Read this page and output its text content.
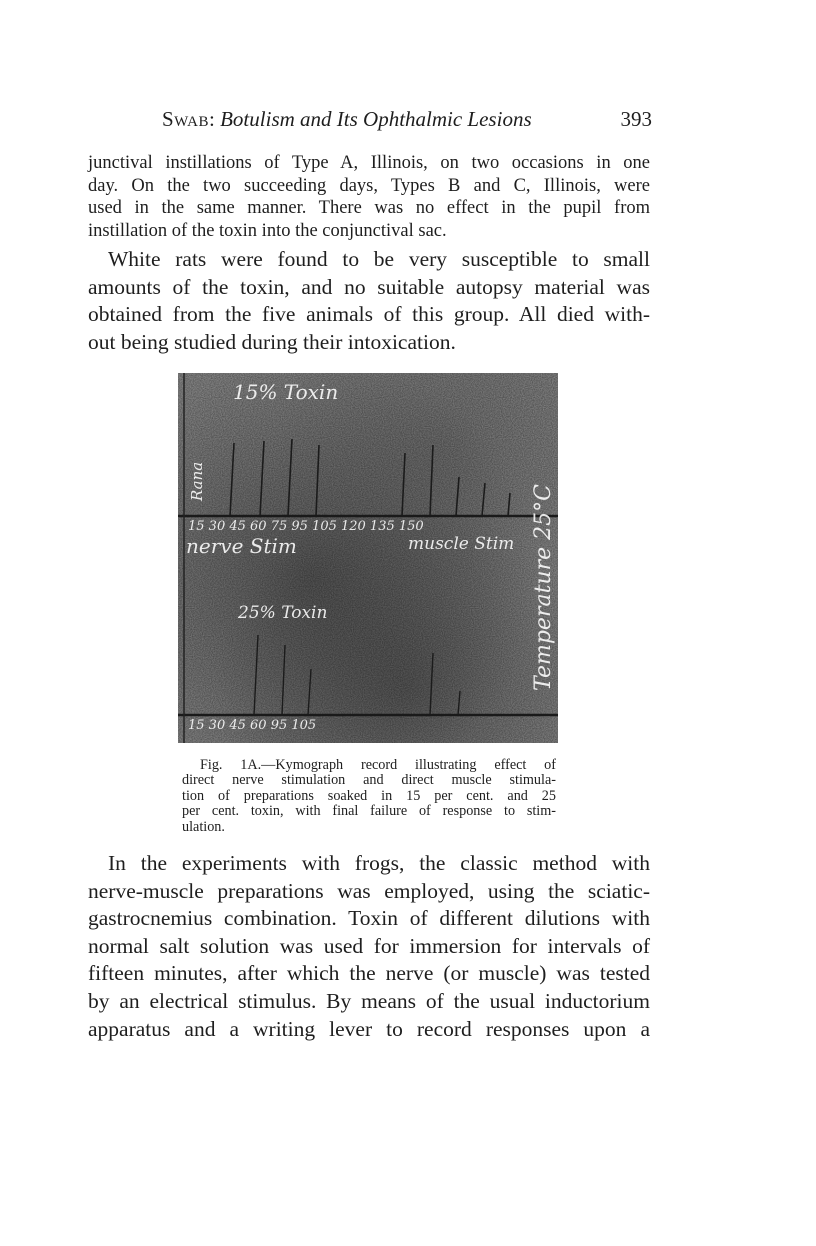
Swab: Botulism and Its Ophthalmic Lesions	393
junctival instillations of Type A, Illinois, on two occasions in one
day. On the two succeeding days, Types B and C, Illinois, were
used in the same manner. There was no effect in the pupil from
instillation of the toxin into the conjunctival sac.
White rats were found to be very susceptible to small
amounts of the toxin, and no suitable autopsy material was
obtained from the five animals of this group. All died with-
out being studied during their intoxication.
15% Toxin
nerve Stim	muscle Stim
25% Toxin
15 30 45 60 75 95 105 120 135 150
15 30 45 60 95 105
Temperature 25°C
Rana
Fig. 1A.—Kymograph record illustrating effect of
direct nerve stimulation and direct muscle stimula-
tion of preparations soaked in 15 per cent. and 25
per cent. toxin, with final failure of response to stim-
ulation.
In the experiments with frogs, the classic method with
nerve-muscle preparations was employed, using the sciatic-
gastrocnemius combination. Toxin of different dilutions with
normal salt solution was used for immersion for intervals of
fifteen minutes, after which the nerve (or muscle) was tested
by an electrical stimulus. By means of the usual inductorium
apparatus and a writing lever to record responses upon a
